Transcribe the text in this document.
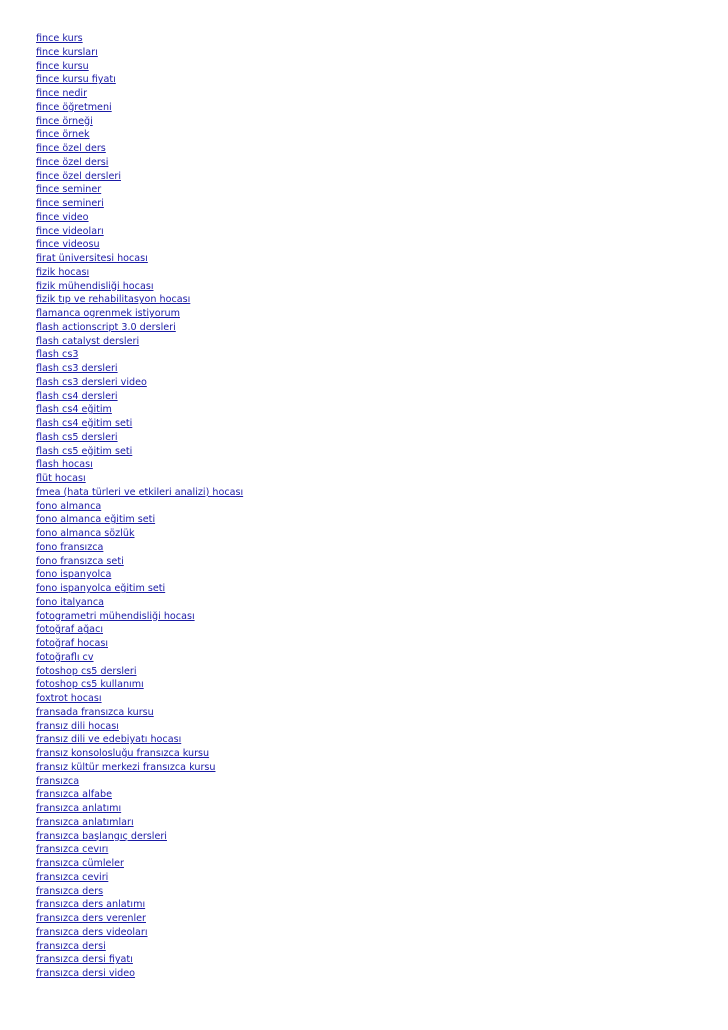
fince kurs
fince kursları
fince kursu
fince kursu fiyatı
fince nedir
fince öğretmeni
fince örneği
fince örnek
fince özel ders
fince özel dersi
fince özel dersleri
fince seminer
fince semineri
fince video
fince videoları
fince videosu
firat üniversitesi hocası
fizik hocası
fizik mühendisliği hocası
fizik tıp ve rehabilitasyon hocası
flamanca ogrenmek istiyorum
flash actionscript 3.0 dersleri
flash catalyst dersleri
flash cs3
flash cs3 dersleri
flash cs3 dersleri video
flash cs4 dersleri
flash cs4 eğitim
flash cs4 eğitim seti
flash cs5 dersleri
flash cs5 eğitim seti
flash hocası
flüt hocası
fmea (hata türleri ve etkileri analizi) hocası
fono almanca
fono almanca eğitim seti
fono almanca sözlük
fono fransızca
fono fransızca seti
fono ispanyolca
fono ispanyolca eğitim seti
fono italyanca
fotogrametri mühendisliği hocası
fotoğraf ağacı
fotoğraf hocası
fotoğraflı cv
fotoshop cs5 dersleri
fotoshop cs5 kullanımı
foxtrot hocası
fransada fransızca kursu
fransız dili hocası
fransız dili ve edebiyatı hocası
fransız konsolosluğu fransızca kursu
fransız kültür merkezi fransızca kursu
fransızca
fransızca alfabe
fransızca anlatımı
fransızca anlatımları
fransızca başlangıç dersleri
fransızca cevırı
fransızca cümleler
fransızca ceviri
fransızca ders
fransızca ders anlatımı
fransızca ders verenler
fransızca ders videoları
fransızca dersi
fransızca dersi fiyatı
fransızca dersi video
